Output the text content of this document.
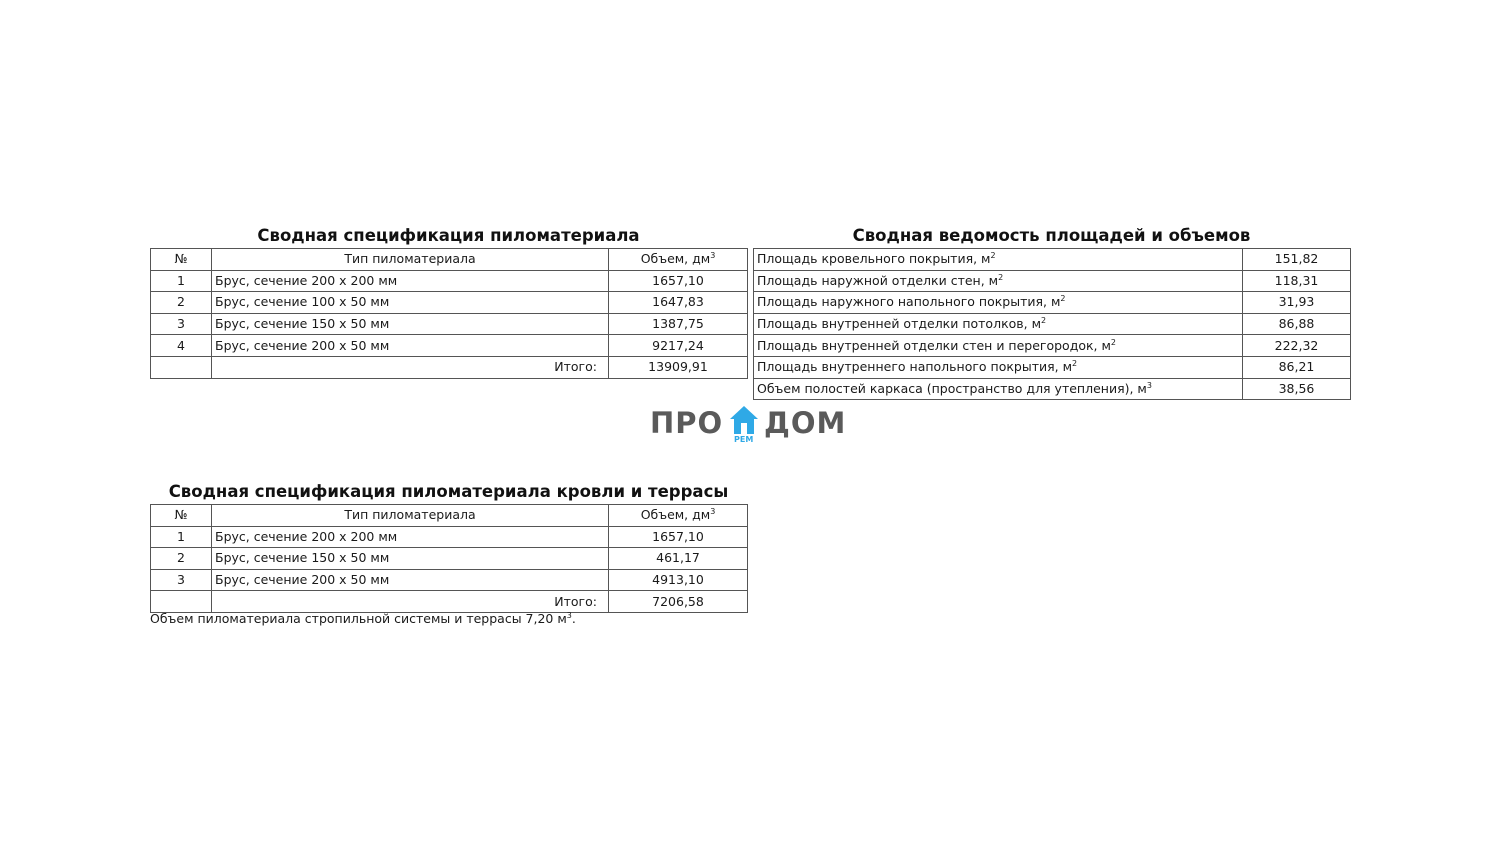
Сводная спецификация пиломатериала
№	Тип пиломатериала	Объем, $дм^3$
1	Брус, сечение 200 х 200 мм	1657,10
2	Брус, сечение 100 х 50 мм	1647,83
3	Брус, сечение 150 х 50 мм	1387,75
4	Брус, сечение 200 х 50 мм	9217,24
	Итого:	13909,91
Сводная ведомость площадей и объемов
Площадь кровельного покрытия, $м^2$	151,82
Площадь наружной отделки стен, $м^2$	118,31
Площадь наружного напольного покрытия, $м^2$	31,93
Площадь внутренней отделки потолков, $м^2$	86,88
Площадь внутренней отделки стен и перегородок, $м^2$	222,32
Площадь внутреннего напольного покрытия, $м^2$	86,21
Объем полостей каркаса (пространство для утепления), $м^3$	38,56
ПРО РЕМ ДОМ
Сводная спецификация пиломатериала кровли и террасы
№	Тип пиломатериала	Объем, $дм^3$
1	Брус, сечение 200 х 200 мм	1657,10
2	Брус, сечение 150 х 50 мм	461,17
3	Брус, сечение 200 х 50 мм	4913,10
	Итого:	7206,58
Объем пиломатериала стропильной системы и террасы 7,20 $м^3$.
